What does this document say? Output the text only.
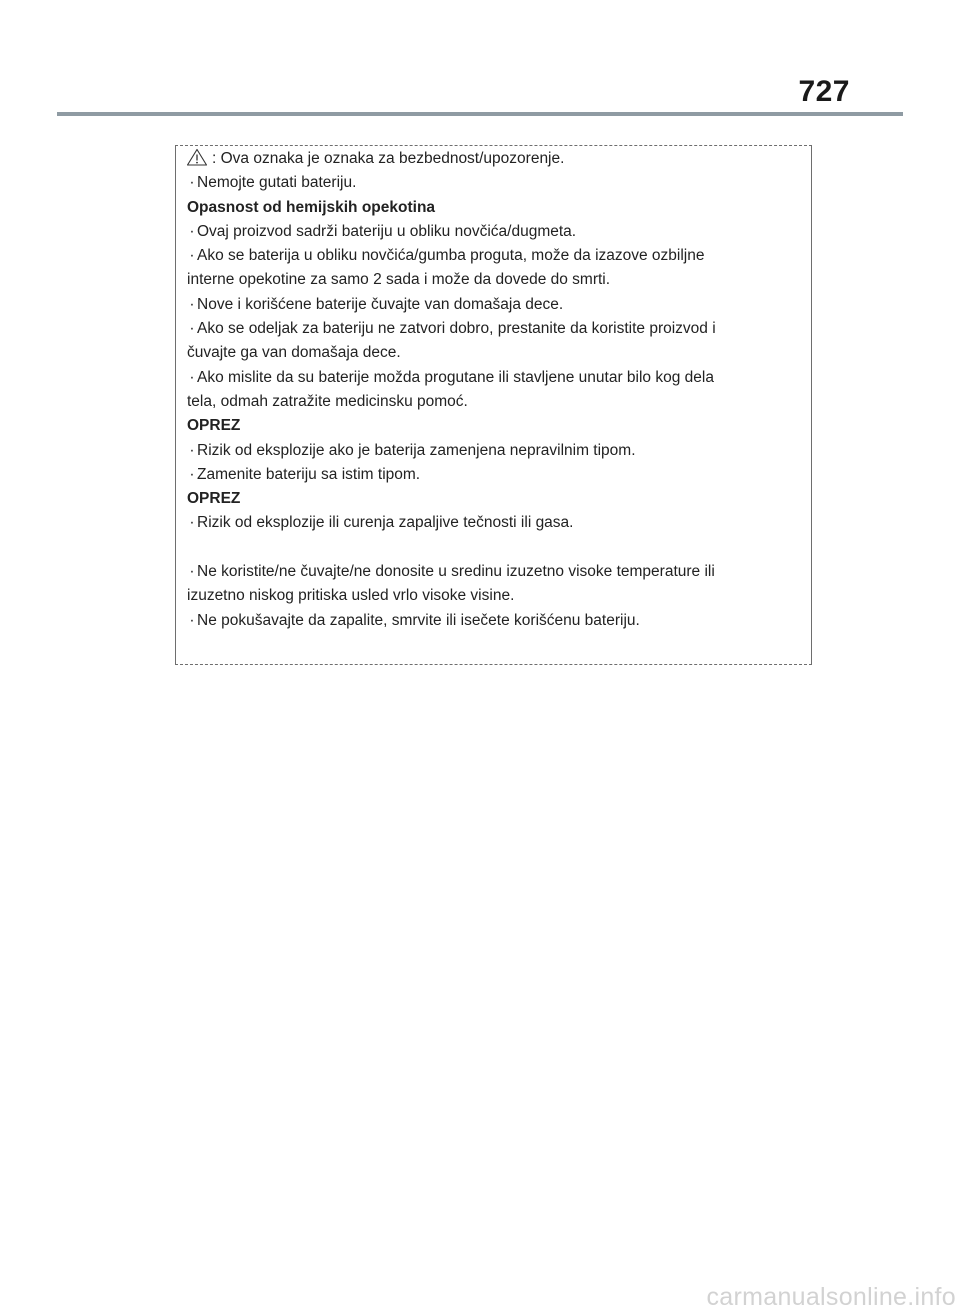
727
: Ova oznaka je oznaka za bezbednost/upozorenje.
· Nemojte gutati bateriju.
Opasnost od hemijskih opekotina
· Ovaj proizvod sadrži bateriju u obliku novčića/dugmeta.
· Ako se baterija u obliku novčića/gumba proguta, može da izazove ozbiljne
interne opekotine za samo 2 sada i može da dovede do smrti.
· Nove i korišćene baterije čuvajte van domašaja dece.
· Ako se odeljak za bateriju ne zatvori dobro, prestanite da koristite proizvod i
čuvajte ga van domašaja dece.
· Ako mislite da su baterije možda progutane ili stavljene unutar bilo kog dela
tela, odmah zatražite medicinsku pomoć.
OPREZ
· Rizik od eksplozije ako je baterija zamenjena nepravilnim tipom.
· Zamenite bateriju sa istim tipom.
OPREZ
· Rizik od eksplozije ili curenja zapaljive tečnosti ili gasa.
· Ne koristite/ne čuvajte/ne donosite u sredinu izuzetno visoke temperature ili
izuzetno niskog pritiska usled vrlo visoke visine.
· Ne pokušavajte da zapalite, smrvite ili isečete korišćenu bateriju.
carmanualsonline.info
